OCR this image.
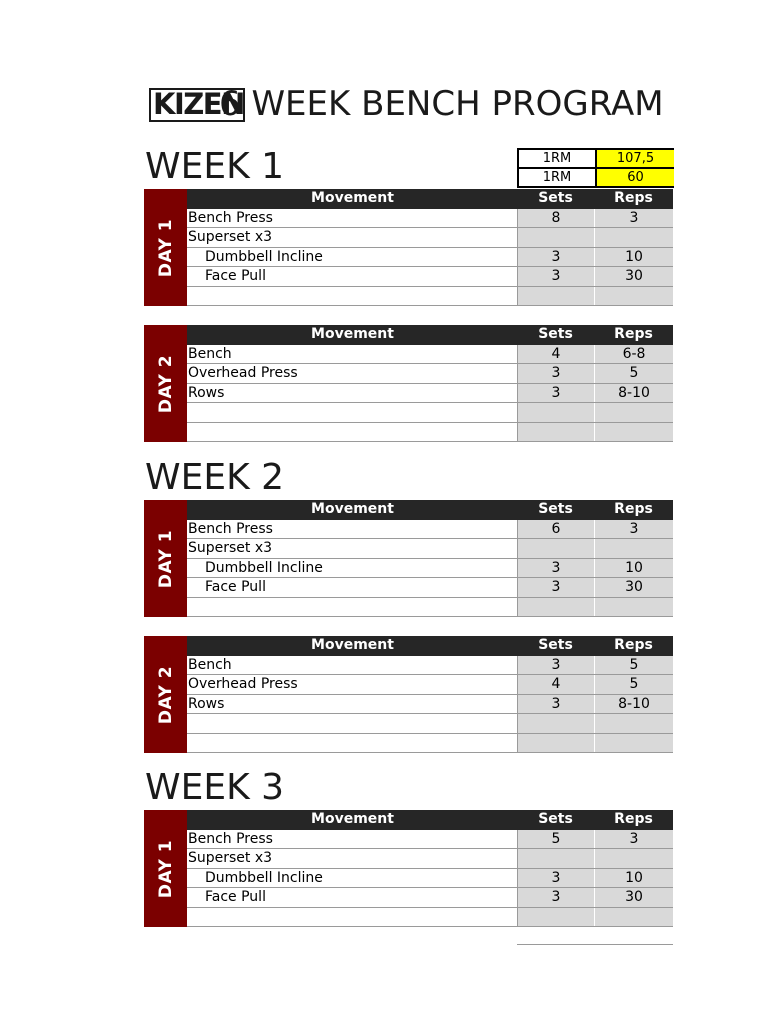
KIZEN
6 WEEK BENCH PROGRAM
1RM	107,5
1RM	60
WEEK 1
DAY 1
Movement	Sets	Reps
Bench Press	8	3
Superset x3
Dumbbell Incline	3	10
Face Pull	3	30
DAY 2
Movement	Sets	Reps
Bench	4	6-8
Overhead Press	3	5
Rows	3	8-10
WEEK 2
DAY 1
Movement	Sets	Reps
Bench Press	6	3
Superset x3
Dumbbell Incline	3	10
Face Pull	3	30
DAY 2
Movement	Sets	Reps
Bench	3	5
Overhead Press	4	5
Rows	3	8-10
WEEK 3
DAY 1
Movement	Sets	Reps
Bench Press	5	3
Superset x3
Dumbbell Incline	3	10
Face Pull	3	30
